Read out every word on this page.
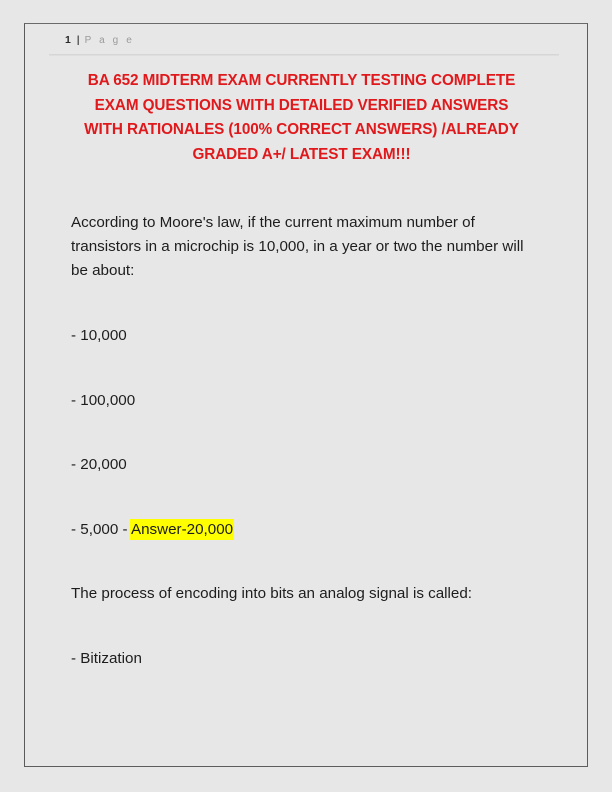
1 | P a g e
BA 652 MIDTERM EXAM CURRENTLY TESTING COMPLETE EXAM QUESTIONS WITH DETAILED VERIFIED ANSWERS WITH RATIONALES (100% CORRECT ANSWERS) /ALREADY GRADED A+/ LATEST EXAM!!!

According to Moore's law, if the current maximum number of transistors in a microchip is 10,000, in a year or two the number will be about:

- 10,000

- 100,000

- 20,000

- 5,000 - Answer-20,000

The process of encoding into bits an analog signal is called:

- Bitization
